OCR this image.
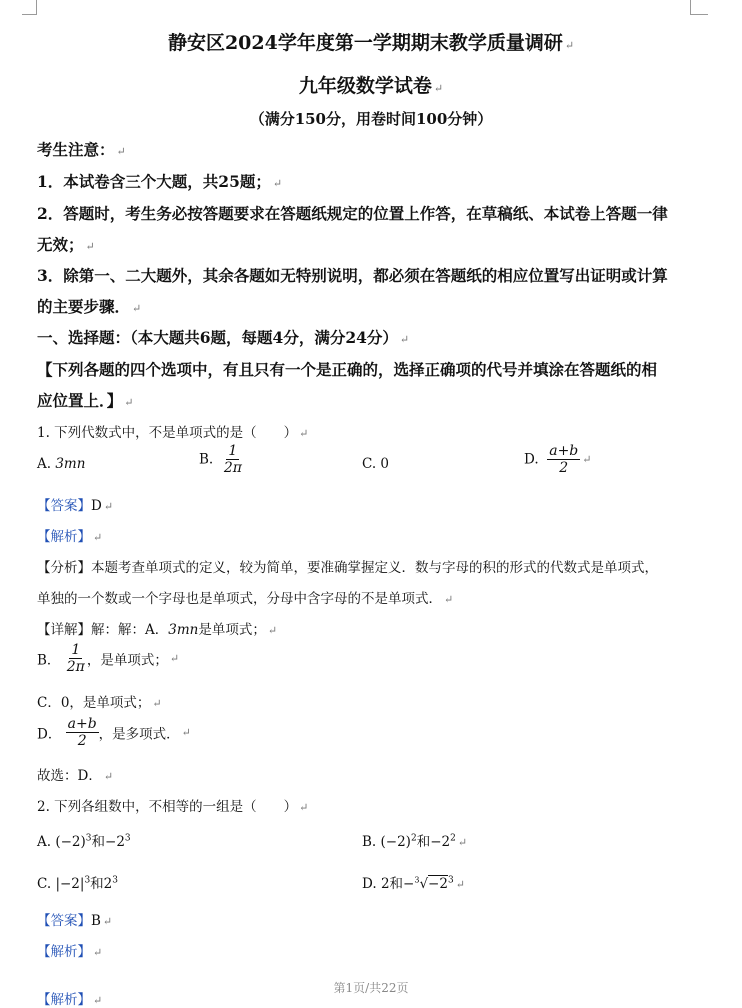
静安区2024学年度第一学期期末教学质量调研 ↵
九年级数学试卷 ↵
（满分150分，用卷时间100分钟）
考生注意： ↵
1．本试卷含三个大题，共25题； ↵
2．答题时，考生务必按答题要求在答题纸规定的位置上作答，在草稿纸、本试卷上答题一律
无效； ↵
3．除第一、二大题外，其余各题如无特别说明，都必须在答题纸的相应位置写出证明或计算
的主要步骤． ↵
一、选择题：（本大题共6题，每题4分，满分24分） ↵
【下列各题的四个选项中，有且只有一个是正确的，选择正确项的代号并填涂在答题纸的相
应位置上．】 ↵
1. 下列代数式中，不是单项式的是（　　） ↵
A. 3mn	B. $\frac{1}{2\pi}$	C. 0	D. $\frac{a+b}{2}$ ↵
【答案】D ↵
【解析】 ↵
【分析】本题考查单项式的定义，较为简单，要准确掌握定义．数与字母的积的形式的代数式是单项式，
单独的一个数或一个字母也是单项式，分母中含字母的不是单项式． ↵
【详解】解：解：A．3mn是单项式； ↵
B． $\frac{1}{2\pi}$ ，是单项式； ↵
C．0，是单项式； ↵
D． $\frac{a+b}{2}$ ，是多项式． ↵
故选：D． ↵
2. 下列各组数中，不相等的一组是（　　） ↵
A. $(-2)^3$和$-2^3$	B. $(-2)^2$和$-2^2$ ↵
C. $|-2|^3$和$2^3$	D. 2和$-^3√-2^3$ ↵
【答案】B ↵
【解析】 ↵
第1页/共22页
【解析】 ↵
